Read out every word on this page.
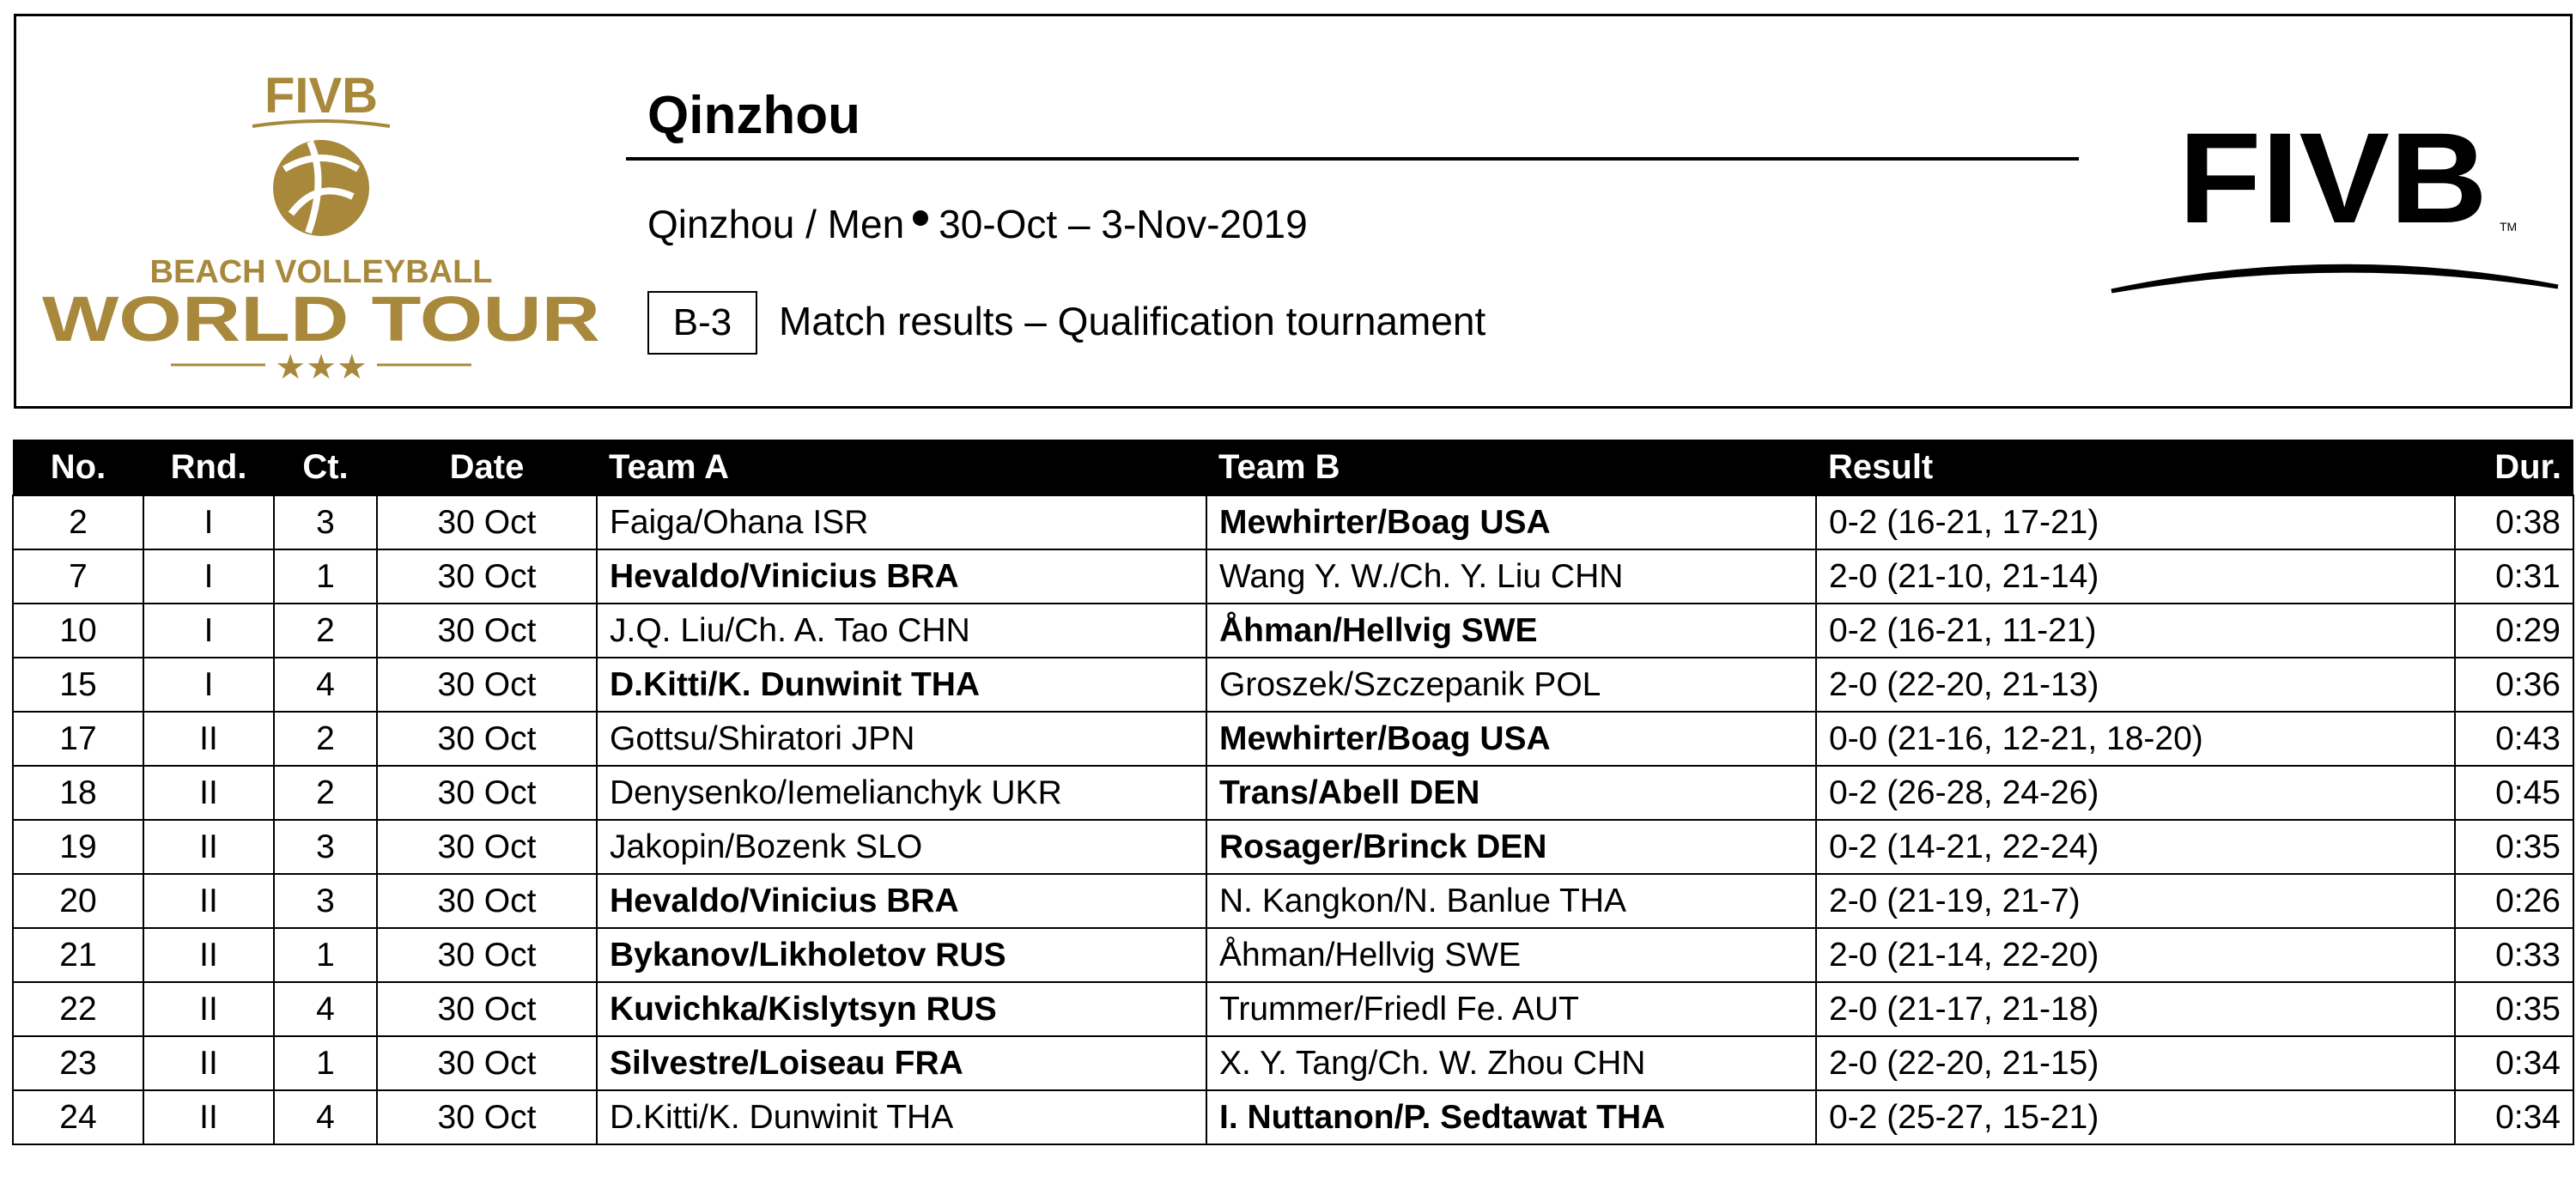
FIVB
BEACH VOLLEYBALL
WORLD TOUR
★★★
Qinzhou
Qinzhou / Men 30-Oct – 3-Nov-2019
B-3	Match results – Qualification tournament
FIVB TM
No.	Rnd.	Ct.	Date	Team A	Team B	Result	Dur.
2	I	3	30 Oct	Faiga/Ohana ISR	Mewhirter/Boag USA	0-2 (16-21, 17-21)	0:38
7	I	1	30 Oct	Hevaldo/Vinicius BRA	Wang Y. W./Ch. Y. Liu CHN	2-0 (21-10, 21-14)	0:31
10	I	2	30 Oct	J.Q. Liu/Ch. A. Tao CHN	Åhman/Hellvig SWE	0-2 (16-21, 11-21)	0:29
15	I	4	30 Oct	D.Kitti/K. Dunwinit THA	Groszek/Szczepanik POL	2-0 (22-20, 21-13)	0:36
17	II	2	30 Oct	Gottsu/Shiratori JPN	Mewhirter/Boag USA	0-0 (21-16, 12-21, 18-20)	0:43
18	II	2	30 Oct	Denysenko/Iemelianchyk UKR	Trans/Abell DEN	0-2 (26-28, 24-26)	0:45
19	II	3	30 Oct	Jakopin/Bozenk SLO	Rosager/Brinck DEN	0-2 (14-21, 22-24)	0:35
20	II	3	30 Oct	Hevaldo/Vinicius BRA	N. Kangkon/N. Banlue THA	2-0 (21-19, 21-7)	0:26
21	II	1	30 Oct	Bykanov/Likholetov RUS	Åhman/Hellvig SWE	2-0 (21-14, 22-20)	0:33
22	II	4	30 Oct	Kuvichka/Kislytsyn RUS	Trummer/Friedl Fe. AUT	2-0 (21-17, 21-18)	0:35
23	II	1	30 Oct	Silvestre/Loiseau FRA	X. Y. Tang/Ch. W. Zhou CHN	2-0 (22-20, 21-15)	0:34
24	II	4	30 Oct	D.Kitti/K. Dunwinit THA	I. Nuttanon/P. Sedtawat THA	0-2 (25-27, 15-21)	0:34
